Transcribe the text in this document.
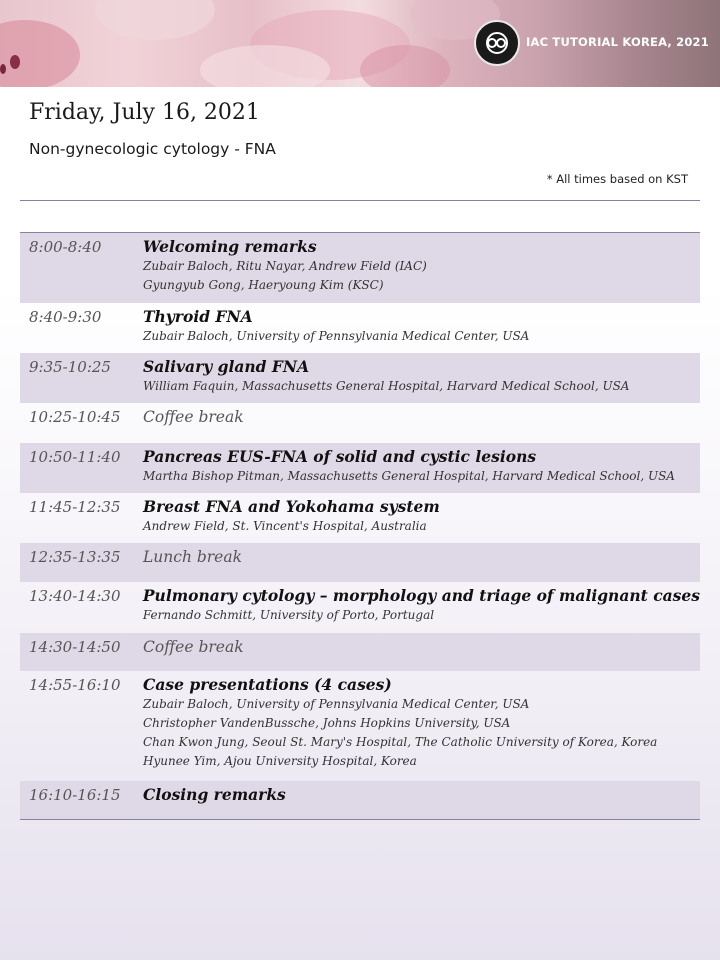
IAC TUTORIAL KOREA, 2021
Friday, July 16, 2021
Non-gynecologic cytology - FNA
* All times based on KST
8:00-8:40	Welcoming remarks
Zubair Baloch, Ritu Nayar, Andrew Field (IAC)
Gyungyub Gong, Haeryoung Kim (KSC)
8:40-9:30	Thyroid FNA
Zubair Baloch, University of Pennsylvania Medical Center, USA
9:35-10:25	Salivary gland FNA
William Faquin, Massachusetts General Hospital, Harvard Medical School, USA
10:25-10:45	Coffee break
10:50-11:40	Pancreas EUS-FNA of solid and cystic lesions
Martha Bishop Pitman, Massachusetts General Hospital, Harvard Medical School, USA
11:45-12:35	Breast FNA and Yokohama system
Andrew Field, St. Vincent's Hospital, Australia
12:35-13:35	Lunch break
13:40-14:30	Pulmonary cytology – morphology and triage of malignant cases
Fernando Schmitt, University of Porto, Portugal
14:30-14:50	Coffee break
14:55-16:10	Case presentations (4 cases)
Zubair Baloch, University of Pennsylvania Medical Center, USA
Christopher VandenBussche, Johns Hopkins University, USA
Chan Kwon Jung, Seoul St. Mary's Hospital, The Catholic University of Korea, Korea
Hyunee Yim, Ajou University Hospital, Korea
16:10-16:15	Closing remarks
